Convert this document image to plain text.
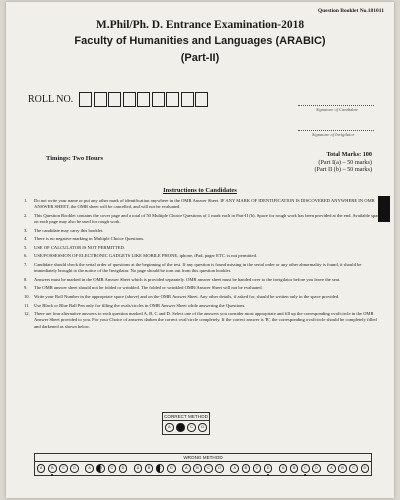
Question Booklet No.181011
M.Phil/Ph. D. Entrance Examination-2018
Faculty of Humanities and Languages (ARABIC)
(Part-II)
ROLL NO.
Signature of Candidate
Signature of Invigilator
Timings: Two Hours
Total Marks: 100
(Part I(a) – 50 marks)
(Part II (b) – 50 marks)
Instructions to Candidates
1.	Do not write your name or put any other mark of identification anywhere in the OMR Answer Sheet. IF ANY MARK OF IDENTIFICATION IS DISCOVERED ANYWHERE IN OMR ANSWER SHEET, the OMR sheet will be cancelled, and will not be evaluated.
2.	This Question Booklet contains the cover page and a total of 50 Multiple Choice Questions of 1 mark each in Part-II (b). Space for rough work has been provided at the end. Available space on each page may also be used for rough work.
3.	The candidate may carry this booklet.
4.	There is no negative marking in Multiple Choice Questions.
5.	USE OF CALCULATOR IS NOT PERMITTED.
6.	USE/POSSESSION OF ELECTRONIC GADGETS LIKE MOBILE PHONE, iphone, iPad, pager ETC. is not permitted.
7.	Candidate should check the serial order of questions at the beginning of the test. If any question is found missing in the serial order or any other abnormality is found, it should be immediately brought to the notice of the Invigilator. No page should be torn out from this question booklet.
8.	Answers must be marked in the OMR Answer Sheet which is provided separately. OMR answer sheet must be handed over to the invigilator before you leave the seat.
9.	The OMR answer sheet should not be folded or wrinkled. The folded or wrinkled OMR/Answer Sheet will not be evaluated.
10. Write your Roll Number in the appropriate space (above) and on the OMR Answer Sheet. Any other details, if asked for, should be written only in the space provided.
11. Use Black or Blue Ball Pen only for filling the ovals/circles in OMR Answer Sheet while answering the Questions.
12. There are four alternative answers to each question marked A, B, C and D. Select one of the answers you consider most appropriate and fill up the corresponding oval/circle in the OMR Answer Sheet provided to you. For your Choice of answers darken the correct oval/circle completely. If the correct answer is 'B', the corresponding oval/circle should be completely filled and darkened as shown below.
CORRECT METHOD
A	B	C	D
WRONG METHOD
A	B	C	D	A	B	C	D	A	B	C	D	A	B	C	D	A	B	C	D	A	B	C	D	A	B	C	D
